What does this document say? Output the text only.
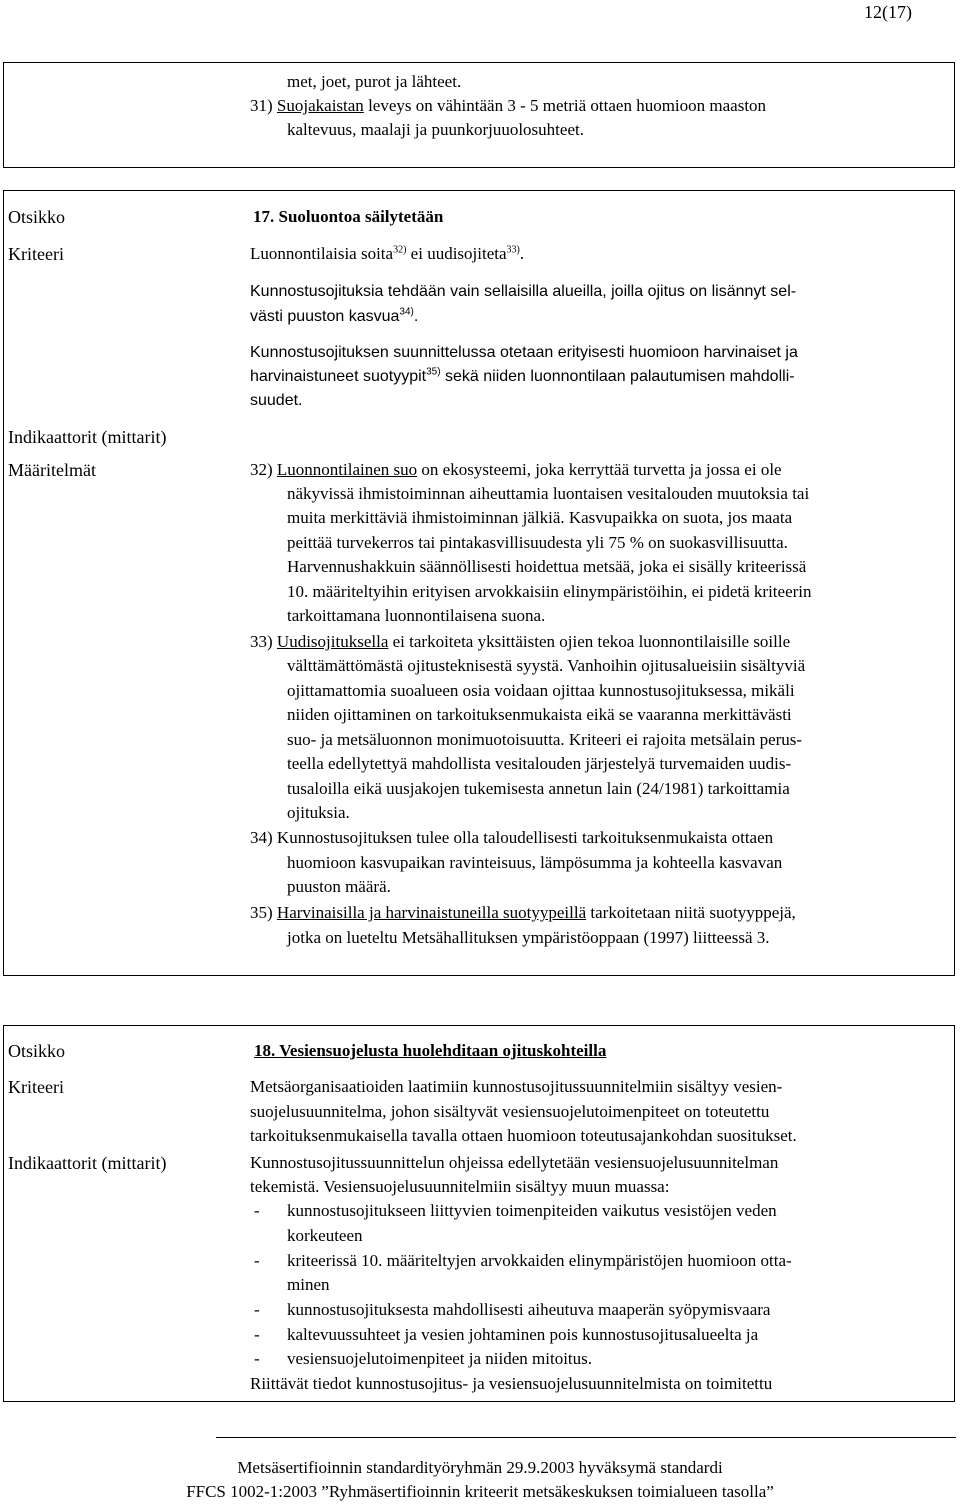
12(17)
met, joet, purot ja lähteet.
31) Suojakaistan leveys on vähintään 3 - 5 metriä ottaen huomioon maaston
kaltevuus, maalaji ja puunkorjuuolosuhteet.
Otsikko	17. Suoluontoa säilytetään
Kriteeri	Luonnontilaisia soita$^{32)}$ ei uudisojiteta$^{33)}$.
Kunnostusojituksia tehdään vain sellaisilla alueilla, joilla ojitus on lisännyt sel-
västi puuston kasvua$^{34)}$.
Kunnostusojituksen suunnittelussa otetaan erityisesti huomioon harvinaiset ja
harvinaistuneet suotyypit$^{35)}$ sekä niiden luonnontilaan palautumisen mahdolli-
suudet.
Indikaattorit (mittarit)
Määritelmät	32) Luonnontilainen suo on ekosysteemi, joka kerryttää turvetta ja jossa ei ole
näkyvissä ihmistoiminnan aiheuttamia luontaisen vesitalouden muutoksia tai
muita merkittäviä ihmistoiminnan jälkiä. Kasvupaikka on suota, jos maata
peittää turvekerros tai pintakasvillisuudesta yli 75 % on suokasvillisuutta.
Harvennushakkuin säännöllisesti hoidettua metsää, joka ei sisälly kriteerissä
10. määriteltyihin erityisen arvokkaisiin elinympäristöihin, ei pidetä kriteerin
tarkoittamana luonnontilaisena suona.
33) Uudisojituksella ei tarkoiteta yksittäisten ojien tekoa luonnontilaisille soille
välttämättömästä ojitusteknisestä syystä. Vanhoihin ojitusalueisiin sisältyviä
ojittamattomia suoalueen osia voidaan ojittaa kunnostusojituksessa, mikäli
niiden ojittaminen on tarkoituksenmukaista eikä se vaaranna merkittävästi
suo- ja metsäluonnon monimuotoisuutta. Kriteeri ei rajoita metsälain perus-
teella edellytettyä mahdollista vesitalouden järjestelyä turvemaiden uudis-
tusaloilla eikä uusjakojen tukemisesta annetun lain (24/1981) tarkoittamia
ojituksia.
34) Kunnostusojituksen tulee olla taloudellisesti tarkoituksenmukaista ottaen
huomioon kasvupaikan ravinteisuus, lämpösumma ja kohteella kasvavan
puuston määrä.
35) Harvinaisilla ja harvinaistuneilla suotyypeillä tarkoitetaan niitä suotyyppejä,
jotka on lueteltu Metsähallituksen ympäristöoppaan (1997) liitteessä 3.
Otsikko	18. Vesiensuojelusta huolehditaan ojituskohteilla
Kriteeri	Metsäorganisaatioiden laatimiin kunnostusojitussuunnitelmiin sisältyy vesien-
suojelusuunnitelma, johon sisältyvät vesiensuojelutoimenpiteet on toteutettu
tarkoituksenmukaisella tavalla ottaen huomioon toteutusajankohdan suositukset.
Indikaattorit (mittarit)	Kunnostusojitussuunnittelun ohjeissa edellytetään vesiensuojelusuunnitelman
tekemistä. Vesiensuojelusuunnitelmiin sisältyy muun muassa:
- kunnostusojitukseen liittyvien toimenpiteiden vaikutus vesistöjen veden
korkeuteen
- kriteerissä 10. määriteltyjen arvokkaiden elinympäristöjen huomioon otta-
minen
- kunnostusojituksesta mahdollisesti aiheutuva maaperän syöpymisvaara
- kaltevuussuhteet ja vesien johtaminen pois kunnostusojitusalueelta ja
- vesiensuojelutoimenpiteet ja niiden mitoitus.
Riittävät tiedot kunnostusojitus- ja vesiensuojelusuunnitelmista on toimitettu
Metsäsertifioinnin standardityöryhmän 29.9.2003 hyväksymä standardi
FFCS 1002-1:2003 ”Ryhmäsertifioinnin kriteerit metsäkeskuksen toimialueen tasolla”
